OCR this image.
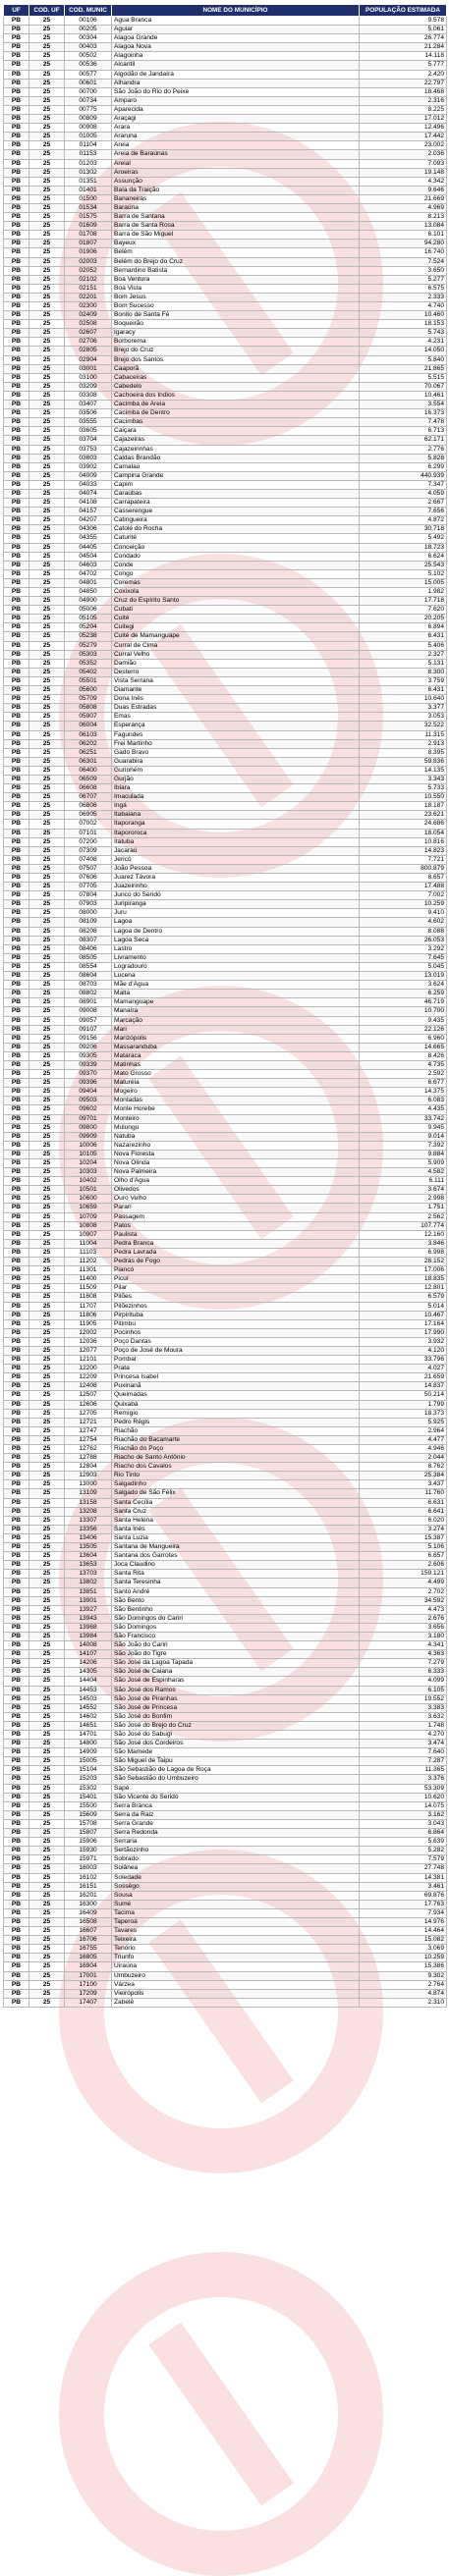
UF	COD. UF	COD. MUNIC	NOME DO MUNICÍPIO	POPULAÇÃO ESTIMADA
PB	25	00106	Água Branca	9.578
PB	25	00205	Aguiar	5.061
PB	25	00304	Alagoa Grande	26.774
PB	25	00403	Alagoa Nova	21.284
PB	25	00502	Alagoinha	14.118
PB	25	00536	Alcantil	5.777
PB	25	00577	Algodão de Jandaíra	2.420
PB	25	00601	Alhandra	22.797
PB	25	00700	São João do Rio do Peixe	18.468
PB	25	00734	Amparo	2.316
PB	25	00775	Aparecida	8.225
PB	25	00809	Araçagi	17.012
PB	25	00908	Arara	12.496
PB	25	01005	Araruna	17.442
PB	25	01104	Areia	23.002
PB	25	01153	Areia de Baraúnas	2.036
PB	25	01203	Areial	7.093
PB	25	01302	Aroeiras	19.148
PB	25	01351	Assunção	4.342
PB	25	01401	Baía da Traição	9.646
PB	25	01500	Bananeiras	21.669
PB	25	01534	Baraúna	4.969
PB	25	01575	Barra de Santana	8.213
PB	25	01609	Barra de Santa Rosa	13.084
PB	25	01708	Barra de São Miguel	6.101
PB	25	01807	Bayeux	94.280
PB	25	01906	Belém	16.740
PB	25	02003	Belém do Brejo do Cruz	7.524
PB	25	02052	Bernardino Batista	3.650
PB	25	02102	Boa Ventura	5.277
PB	25	02151	Boa Vista	6.575
PB	25	02201	Bom Jesus	2.333
PB	25	02300	Bom Sucesso	4.740
PB	25	02409	Bonito de Santa Fé	10.460
PB	25	02508	Boqueirão	18.153
PB	25	02607	Igaracy	5.743
PB	25	02706	Borborema	4.231
PB	25	02805	Brejo do Cruz	14.050
PB	25	02904	Brejo dos Santos	5.840
PB	25	03001	Caaporã	21.865
PB	25	03100	Cabaceiras	5.515
PB	25	03209	Cabedelo	70.067
PB	25	03308	Cachoeira dos Índios	10.461
PB	25	03407	Cacimba de Areia	3.554
PB	25	03506	Cacimba de Dentro	16.373
PB	25	03555	Cacimbas	7.478
PB	25	03605	Caiçara	6.713
PB	25	03704	Cajazeiras	62.171
PB	25	03753	Cajazeirinhas	2.776
PB	25	03803	Caldas Brandão	5.828
PB	25	03902	Camalaú	6.299
PB	25	04009	Campina Grande	440.939
PB	25	04033	Capim	7.347
PB	25	04074	Caraúbas	4.059
PB	25	04108	Carrapateira	2.667
PB	25	04157	Casserengue	7.656
PB	25	04207	Catingueira	4.872
PB	25	04306	Catolé do Rocha	30.718
PB	25	04355	Caturité	5.492
PB	25	04405	Conceição	18.723
PB	25	04504	Condado	6.624
PB	25	04603	Conde	25.543
PB	25	04702	Congo	5.102
PB	25	04801	Coremas	15.005
PB	25	04850	Coxixola	1.982
PB	25	04900	Cruz do Espírito Santo	17.718
PB	25	05006	Cubati	7.620
PB	25	05105	Cuité	20.205
PB	25	05204	Cuitegi	6.894
PB	25	05238	Cuité de Mamanguape	6.431
PB	25	05279	Curral de Cima	5.406
PB	25	05303	Curral Velho	2.327
PB	25	05352	Damião	5.131
PB	25	05402	Desterro	8.300
PB	25	05501	Vista Serrana	3.759
PB	25	05600	Diamante	6.431
PB	25	05709	Dona Inês	10.640
PB	25	05808	Duas Estradas	3.377
PB	25	05907	Emas	3.053
PB	25	06004	Esperança	32.522
PB	25	06103	Fagundes	11.315
PB	25	06202	Frei Martinho	2.913
PB	25	06251	Gado Bravo	8.395
PB	25	06301	Guarabira	59.836
PB	25	06400	Gurinhém	14.135
PB	25	06509	Gurjão	3.343
PB	25	06608	Ibiara	5.733
PB	25	06707	Imaculada	10.550
PB	25	06806	Ingá	18.187
PB	25	06905	Itabaiana	23.621
PB	25	07002	Itaporanga	24.686
PB	25	07101	Itapororoca	18.054
PB	25	07200	Itatuba	10.816
PB	25	07309	Jacaraú	14.823
PB	25	07408	Jericó	7.721
PB	25	07507	João Pessoa	800.879
PB	25	07606	Juarez Távora	8.657
PB	25	07705	Juazeirinho	17.488
PB	25	07804	Junco do Seridó	7.002
PB	25	07903	Juripiranga	10.259
PB	25	08000	Juru	9.410
PB	25	08109	Lagoa	4.602
PB	25	08208	Lagoa de Dentro	8.088
PB	25	08307	Lagoa Seca	26.053
PB	25	08406	Lastro	3.292
PB	25	08505	Livramento	7.645
PB	25	08554	Logradouro	5.045
PB	25	08604	Lucena	13.019
PB	25	08703	Mãe d'Água	3.624
PB	25	08802	Malta	6.259
PB	25	08901	Mamanguape	46.719
PB	25	09008	Manaíra	10.700
PB	25	09057	Marcação	9.435
PB	25	09107	Mari	22.126
PB	25	09156	Marizópolis	6.960
PB	25	09206	Massaranduba	14.665
PB	25	09305	Mataraca	8.426
PB	25	09339	Matinhas	4.735
PB	25	09370	Mato Grosso	2.592
PB	25	09396	Maturéia	6.677
PB	25	09404	Mogeiro	14.375
PB	25	09503	Montadas	6.083
PB	25	09602	Monte Horebe	4.435
PB	25	09701	Monteiro	33.742
PB	25	09800	Mulungu	9.945
PB	25	09909	Natuba	9.014
PB	25	10006	Nazarezinho	7.392
PB	25	10105	Nova Floresta	9.884
PB	25	10204	Nova Olinda	5.909
PB	25	10303	Nova Palmeira	4.582
PB	25	10402	Olho d'Água	6.111
PB	25	10501	Olivedos	3.674
PB	25	10600	Ouro Velho	2.998
PB	25	10659	Parari	1.751
PB	25	10709	Passagem	2.562
PB	25	10808	Patos	107.774
PB	25	10907	Paulista	12.160
PB	25	11004	Pedra Branca	3.846
PB	25	11103	Pedra Lavrada	6.998
PB	25	11202	Pedras de Fogo	28.152
PB	25	11301	Piancó	17.006
PB	25	11400	Picuí	18.835
PB	25	11509	Pilar	12.801
PB	25	11608	Pilões	6.579
PB	25	11707	Pilõezinhos	5.014
PB	25	11806	Pirpirituba	10.467
PB	25	11905	Pitimbu	17.164
PB	25	12002	Pocinhos	17.990
PB	25	12036	Poço Dantas	3.932
PB	25	12077	Poço de José de Moura	4.120
PB	25	12101	Pombal	33.796
PB	25	12200	Prata	4.027
PB	25	12209	Princesa Isabel	21.659
PB	25	12408	Puxinanã	14.837
PB	25	12507	Queimadas	50.214
PB	25	12606	Quixabá	1.799
PB	25	12705	Remígio	18.373
PB	25	12721	Pedro Régis	5.925
PB	25	12747	Riachão	2.964
PB	25	12754	Riachão do Bacamarte	4.477
PB	25	12762	Riachão do Poço	4.946
PB	25	12788	Riacho de Santo Antônio	2.044
PB	25	12804	Riacho dos Cavalos	8.762
PB	25	12903	Rio Tinto	25.384
PB	25	13000	Salgadinho	3.437
PB	25	13109	Salgado de São Félix	11.760
PB	25	13158	Santa Cecília	6.631
PB	25	13208	Santa Cruz	6.641
PB	25	13307	Santa Helena	6.020
PB	25	13356	Santa Inês	3.274
PB	25	13406	Santa Luzia	15.387
PB	25	13505	Santana de Mangueira	5.106
PB	25	13604	Santana dos Garrotes	6.657
PB	25	13653	Joca Claudino	2.606
PB	25	13703	Santa Rita	159.121
PB	25	13802	Santa Teresinha	4.499
PB	25	13851	Santo André	2.702
PB	25	13901	São Bento	34.592
PB	25	13927	São Bentinho	4.473
PB	25	13943	São Domingos do Cariri	2.676
PB	25	13968	São Domingos	3.656
PB	25	13984	São Francisco	3.180
PB	25	14008	São João do Cariri	4.341
PB	25	14107	São João do Tigre	4.363
PB	25	14206	São José da Lagoa Tapada	7.279
PB	25	14305	São José de Caiana	6.333
PB	25	14404	São José de Espinharas	4.099
PB	25	14453	São José dos Ramos	6.105
PB	25	14503	São José de Piranhas	19.552
PB	25	14552	São José de Princesa	3.383
PB	25	14602	São José do Bonfim	3.632
PB	25	14651	São José do Brejo do Cruz	1.748
PB	25	14701	São José do Sabugi	4.270
PB	25	14800	São José dos Cordeiros	3.474
PB	25	14909	São Mamede	7.640
PB	25	15005	São Miguel de Taipu	7.287
PB	25	15104	São Sebastião de Lagoa de Roça	11.365
PB	25	15203	São Sebastião do Umbuzeiro	3.376
PB	25	15302	Sapé	53.309
PB	25	15401	São Vicente do Seridó	10.620
PB	25	15500	Serra Branca	14.075
PB	25	15609	Serra da Raiz	3.162
PB	25	15708	Serra Grande	3.043
PB	25	15807	Serra Redonda	6.864
PB	25	15906	Serraria	5.639
PB	25	15930	Sertãozinho	5.282
PB	25	15971	Sobrado	7.579
PB	25	16003	Solânea	27.748
PB	25	16102	Soledade	14.381
PB	25	16151	Sossêgo	3.461
PB	25	16201	Sousa	69.876
PB	25	16300	Sumé	17.763
PB	25	16409	Tacima	7.934
PB	25	16508	Taperoá	14.976
PB	25	16607	Tavares	14.464
PB	25	16706	Teixeira	15.082
PB	25	16755	Tenório	3.069
PB	25	16805	Triunfo	10.259
PB	25	16904	Uiraúna	15.386
PB	25	17001	Umbuzeiro	9.302
PB	25	17100	Várzea	2.764
PB	25	17209	Vieirópolis	4.874
PB	25	17407	Zabelê	2.310
